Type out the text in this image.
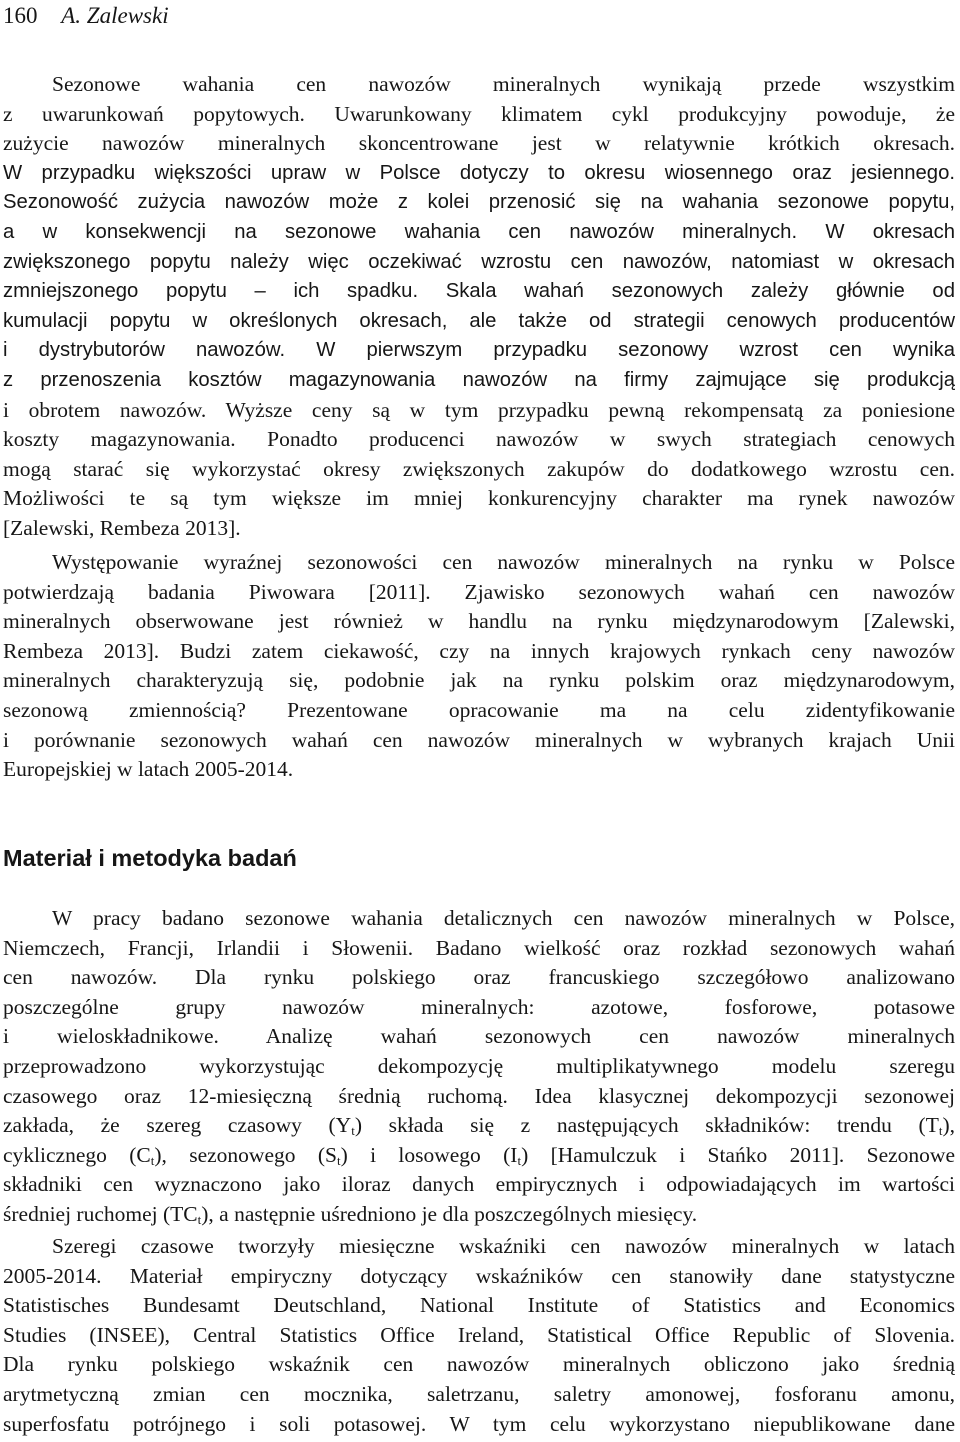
160 A. Zalewski
Sezonowe wahania cen nawozów mineralnych wynikają przede wszystkim
z uwarunkowań popytowych. Uwarunkowany klimatem cykl produkcyjny powoduje, że
zużycie nawozów mineralnych skoncentrowane jest w relatywnie krótkich okresach.
W przypadku większości upraw w Polsce dotyczy to okresu wiosennego oraz jesiennego.
Sezonowość zużycia nawozów może z kolei przenosić się na wahania sezonowe popytu,
a w konsekwencji na sezonowe wahania cen nawozów mineralnych. W okresach
zwiększonego popytu należy więc oczekiwać wzrostu cen nawozów, natomiast w okresach
zmniejszonego popytu – ich spadku. Skala wahań sezonowych zależy głównie od
kumulacji popytu w określonych okresach, ale także od strategii cenowych producentów
i dystrybutorów nawozów. W pierwszym przypadku sezonowy wzrost cen wynika
z przenoszenia kosztów magazynowania nawozów na firmy zajmujące się produkcją
i obrotem nawozów. Wyższe ceny są w tym przypadku pewną rekompensatą za poniesione
koszty magazynowania. Ponadto producenci nawozów w swych strategiach cenowych
mogą starać się wykorzystać okresy zwiększonych zakupów do dodatkowego wzrostu cen.
Możliwości te są tym większe im mniej konkurencyjny charakter ma rynek nawozów
[Zalewski, Rembeza 2013].
Występowanie wyraźnej sezonowości cen nawozów mineralnych na rynku w Polsce
potwierdzają badania Piwowara [2011]. Zjawisko sezonowych wahań cen nawozów
mineralnych obserwowane jest również w handlu na rynku międzynarodowym [Zalewski,
Rembeza 2013]. Budzi zatem ciekawość, czy na innych krajowych rynkach ceny nawozów
mineralnych charakteryzują się, podobnie jak na rynku polskim oraz międzynarodowym,
sezonową zmiennością? Prezentowane opracowanie ma na celu zidentyfikowanie
i porównanie sezonowych wahań cen nawozów mineralnych w wybranych krajach Unii
Europejskiej w latach 2005-2014.
Materiał i metodyka badań
W pracy badano sezonowe wahania detalicznych cen nawozów mineralnych w Polsce,
Niemczech, Francji, Irlandii i Słowenii. Badano wielkość oraz rozkład sezonowych wahań
cen nawozów. Dla rynku polskiego oraz francuskiego szczegółowo analizowano
poszczególne grupy nawozów mineralnych: azotowe, fosforowe, potasowe
i wieloskładnikowe. Analizę wahań sezonowych cen nawozów mineralnych
przeprowadzono wykorzystując dekompozycję multiplikatywnego modelu szeregu
czasowego oraz 12-miesięczną średnią ruchomą. Idea klasycznej dekompozycji sezonowej
zakłada, że szereg czasowy $(Y_t)$ składa się z następujących składników: trendu $(T_t)$,
cyklicznego $(C_t)$, sezonowego $(S_t)$ i losowego $(I_t)$ [Hamulczuk i Stańko 2011]. Sezonowe
składniki cen wyznaczono jako iloraz danych empirycznych i odpowiadających im wartości
średniej ruchomej $(TC_t)$, a następnie uśredniono je dla poszczególnych miesięcy.
Szeregi czasowe tworzyły miesięczne wskaźniki cen nawozów mineralnych w latach
2005-2014. Materiał empiryczny dotyczący wskaźników cen stanowiły dane statystyczne
Statistisches Bundesamt Deutschland, National Institute of Statistics and Economics
Studies (INSEE), Central Statistics Office Ireland, Statistical Office Republic of Slovenia.
Dla rynku polskiego wskaźnik cen nawozów mineralnych obliczono jako średnią
arytmetyczną zmian cen mocznika, saletrzanu, saletry amonowej, fosforanu amonu,
superfosfatu potrójnego i soli potasowej. W tym celu wykorzystano niepublikowane dane
